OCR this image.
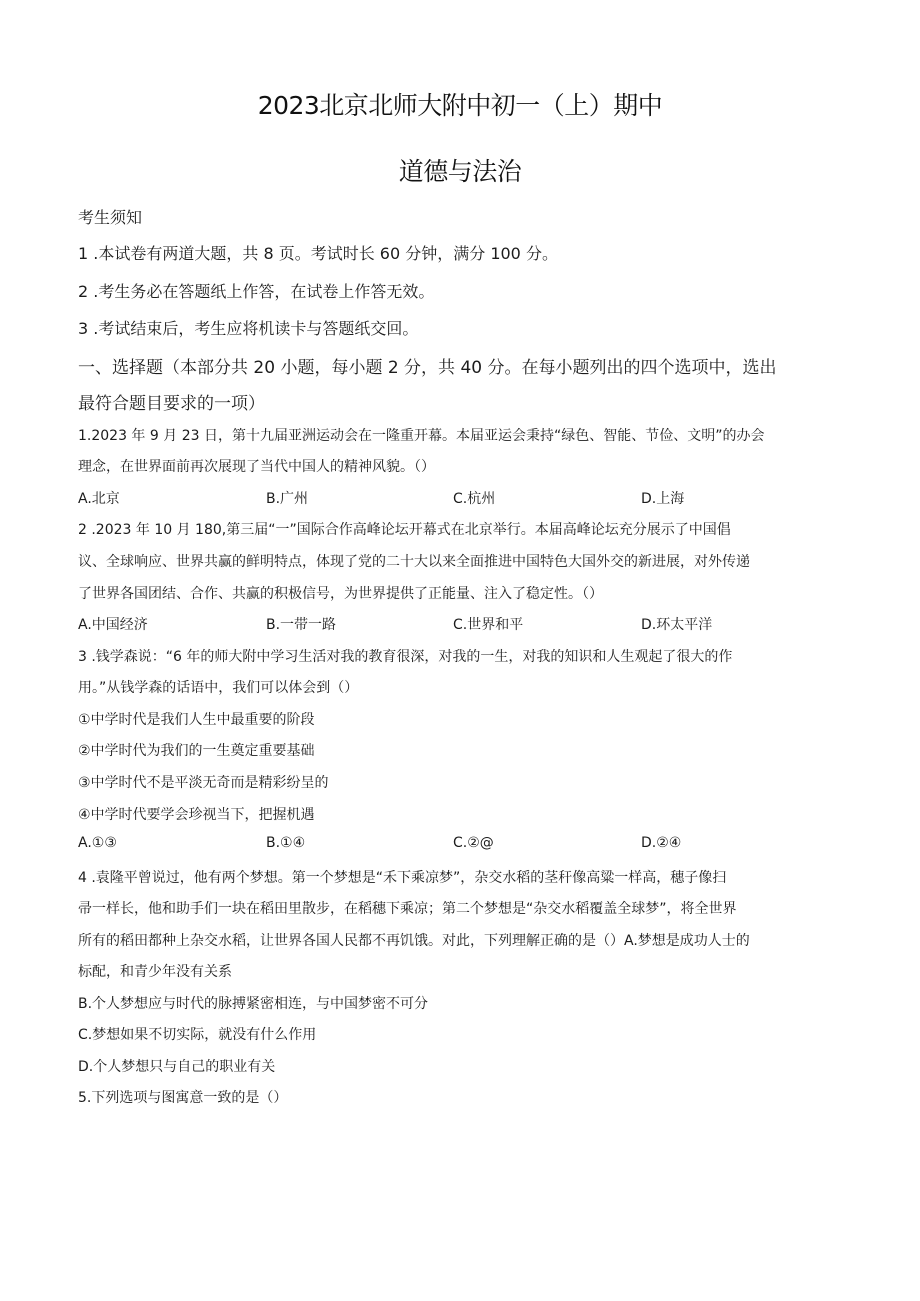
2023北京北师大附中初一（上）期中
道德与法治
考生须知
1 .本试卷有两道大题，共 8 页。考试时长 60 分钟，满分 100 分。
2 .考生务必在答题纸上作答，在试卷上作答无效。
3 .考试结束后，考生应将机读卡与答题纸交回。
一、选择题（本部分共 20 小题，每小题 2 分，共 40 分。在每小题列出的四个选项中，选出
最符合题目要求的一项）
1.2023 年 9 月 23 日，第十九届亚洲运动会在一隆重开幕。本届亚运会秉持“绿色、智能、节俭、文明”的办会
理念，在世界面前再次展现了当代中国人的精神风貌。（）
A.北京	B.广州	C.杭州	D.上海
2 .2023 年 10 月 180,第三届“一”国际合作高峰论坛开幕式在北京举行。本届高峰论坛充分展示了中国倡
议、全球响应、世界共赢的鲜明特点，体现了党的二十大以来全面推进中国特色大国外交的新进展，对外传递
了世界各国团结、合作、共赢的积极信号，为世界提供了正能量、注入了稳定性。（）
A.中国经济	B.一带一路	C.世界和平	D.环太平洋
3 .钱学森说：“6 年的师大附中学习生活对我的教育很深，对我的一生，对我的知识和人生观起了很大的作
用。”从钱学森的话语中，我们可以体会到（）
①中学时代是我们人生中最重要的阶段
②中学时代为我们的一生奠定重要基础
③中学时代不是平淡无奇而是精彩纷呈的
④中学时代要学会珍视当下，把握机遇
A.①③	B.①④	C.②@	D.②④
4 .袁隆平曾说过，他有两个梦想。第一个梦想是“禾下乘凉梦”，杂交水稻的茎秆像高粱一样高，穗子像扫
帚一样长，他和助手们一块在稻田里散步，在稻穗下乘凉；第二个梦想是“杂交水稻覆盖全球梦”，将全世界
所有的稻田都种上杂交水稻，让世界各国人民都不再饥饿。对此，下列理解正确的是（）A.梦想是成功人士的
标配，和青少年没有关系
B.个人梦想应与时代的脉搏紧密相连，与中国梦密不可分
C.梦想如果不切实际，就没有什么作用
D.个人梦想只与自己的职业有关
5.下列选项与图寓意一致的是（）
